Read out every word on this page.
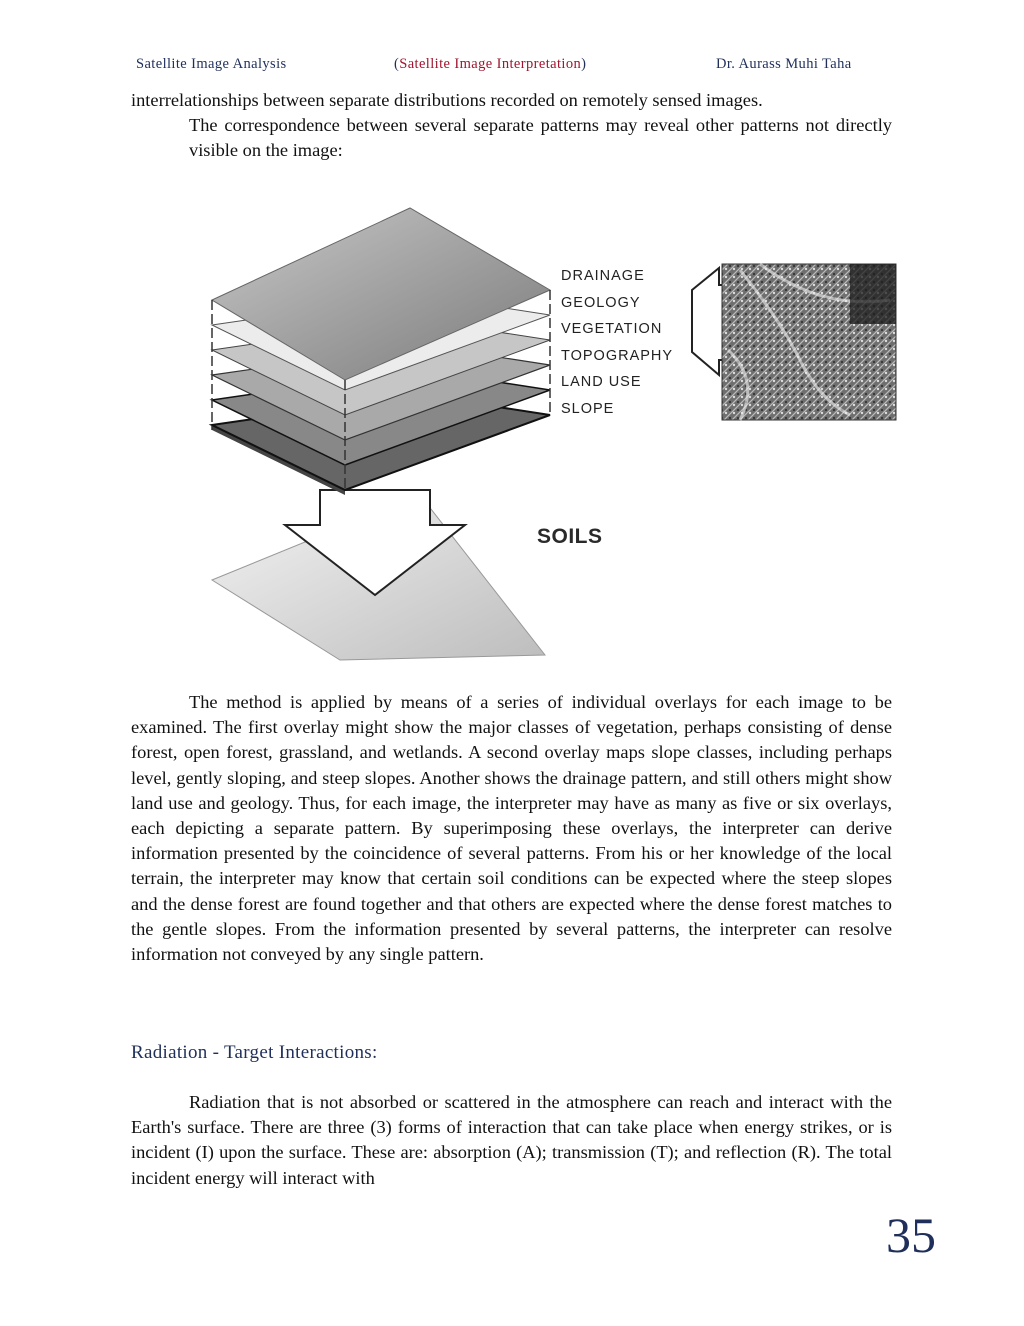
Satellite Image Analysis	(Satellite Image Interpretation)	Dr. Aurass Muhi Taha
interrelationships between separate distributions recorded on remotely sensed images.
The correspondence between several separate patterns may reveal other patterns not directly visible on the image:
DRAINAGE
GEOLOGY
VEGETATION
TOPOGRAPHY
LAND USE
SLOPE
SOILS

The method is applied by means of a series of individual overlays for each image to be examined. The first overlay might show the major classes of vegetation, perhaps consisting of dense forest, open forest, grassland, and wetlands. A second overlay maps slope classes, including perhaps level, gently sloping, and steep slopes. Another shows the drainage pattern, and still others might show land use and geology. Thus, for each image, the interpreter may have as many as five or six overlays, each depicting a separate pattern. By superimposing these overlays, the interpreter can derive information presented by the coincidence of several patterns. From his or her knowledge of the local terrain, the interpreter may know that certain soil conditions can be expected where the steep slopes and the dense forest are found together and that others are expected where the dense forest matches to the gentle slopes. From the information presented by several patterns, the interpreter can resolve information not conveyed by any single pattern.

Radiation - Target Interactions:

Radiation that is not absorbed or scattered in the atmosphere can reach and interact with the Earth's surface. There are three (3) forms of interaction that can take place when energy strikes, or is incident (I) upon the surface. These are: absorption (A); transmission (T); and reflection (R). The total incident energy will interact with

35
